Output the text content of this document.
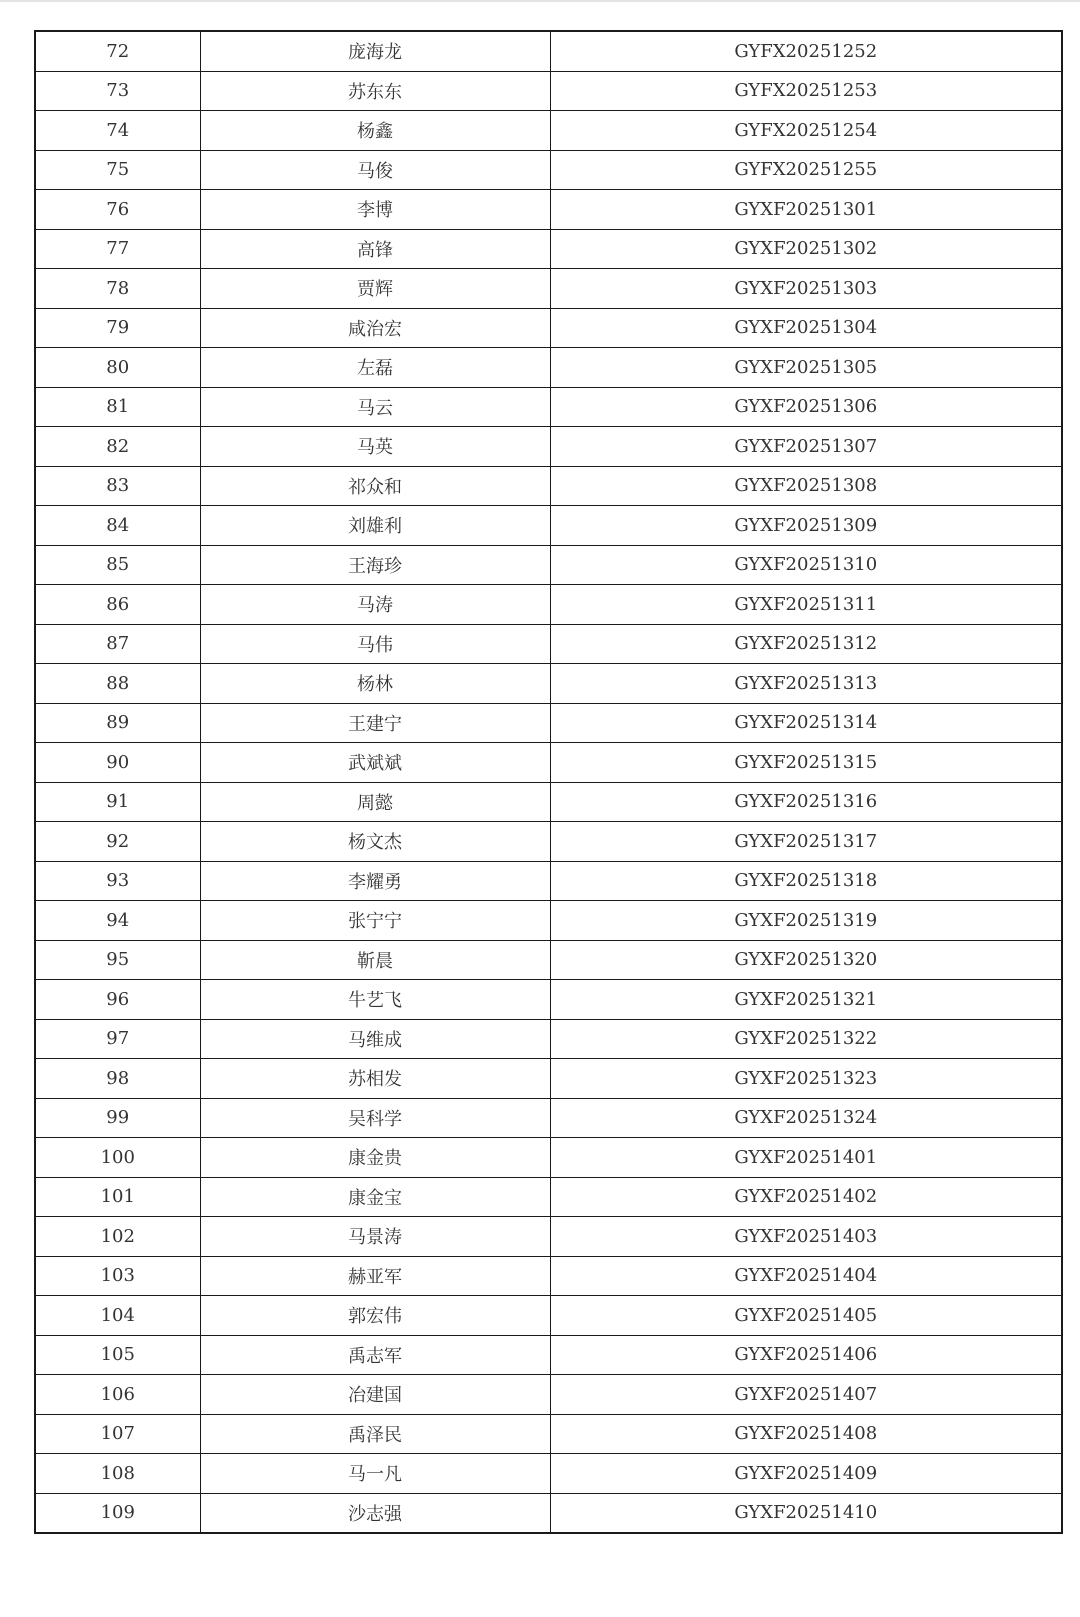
72	庞海龙	GYFX20251252
73	苏东东	GYFX20251253
74	杨鑫	GYFX20251254
75	马俊	GYFX20251255
76	李博	GYXF20251301
77	高锋	GYXF20251302
78	贾辉	GYXF20251303
79	咸治宏	GYXF20251304
80	左磊	GYXF20251305
81	马云	GYXF20251306
82	马英	GYXF20251307
83	祁众和	GYXF20251308
84	刘雄利	GYXF20251309
85	王海珍	GYXF20251310
86	马涛	GYXF20251311
87	马伟	GYXF20251312
88	杨林	GYXF20251313
89	王建宁	GYXF20251314
90	武斌斌	GYXF20251315
91	周懿	GYXF20251316
92	杨文杰	GYXF20251317
93	李耀勇	GYXF20251318
94	张宁宁	GYXF20251319
95	靳晨	GYXF20251320
96	牛艺飞	GYXF20251321
97	马维成	GYXF20251322
98	苏相发	GYXF20251323
99	吴科学	GYXF20251324
100	康金贵	GYXF20251401
101	康金宝	GYXF20251402
102	马景涛	GYXF20251403
103	赫亚军	GYXF20251404
104	郭宏伟	GYXF20251405
105	禹志军	GYXF20251406
106	冶建国	GYXF20251407
107	禹泽民	GYXF20251408
108	马一凡	GYXF20251409
109	沙志强	GYXF20251410
